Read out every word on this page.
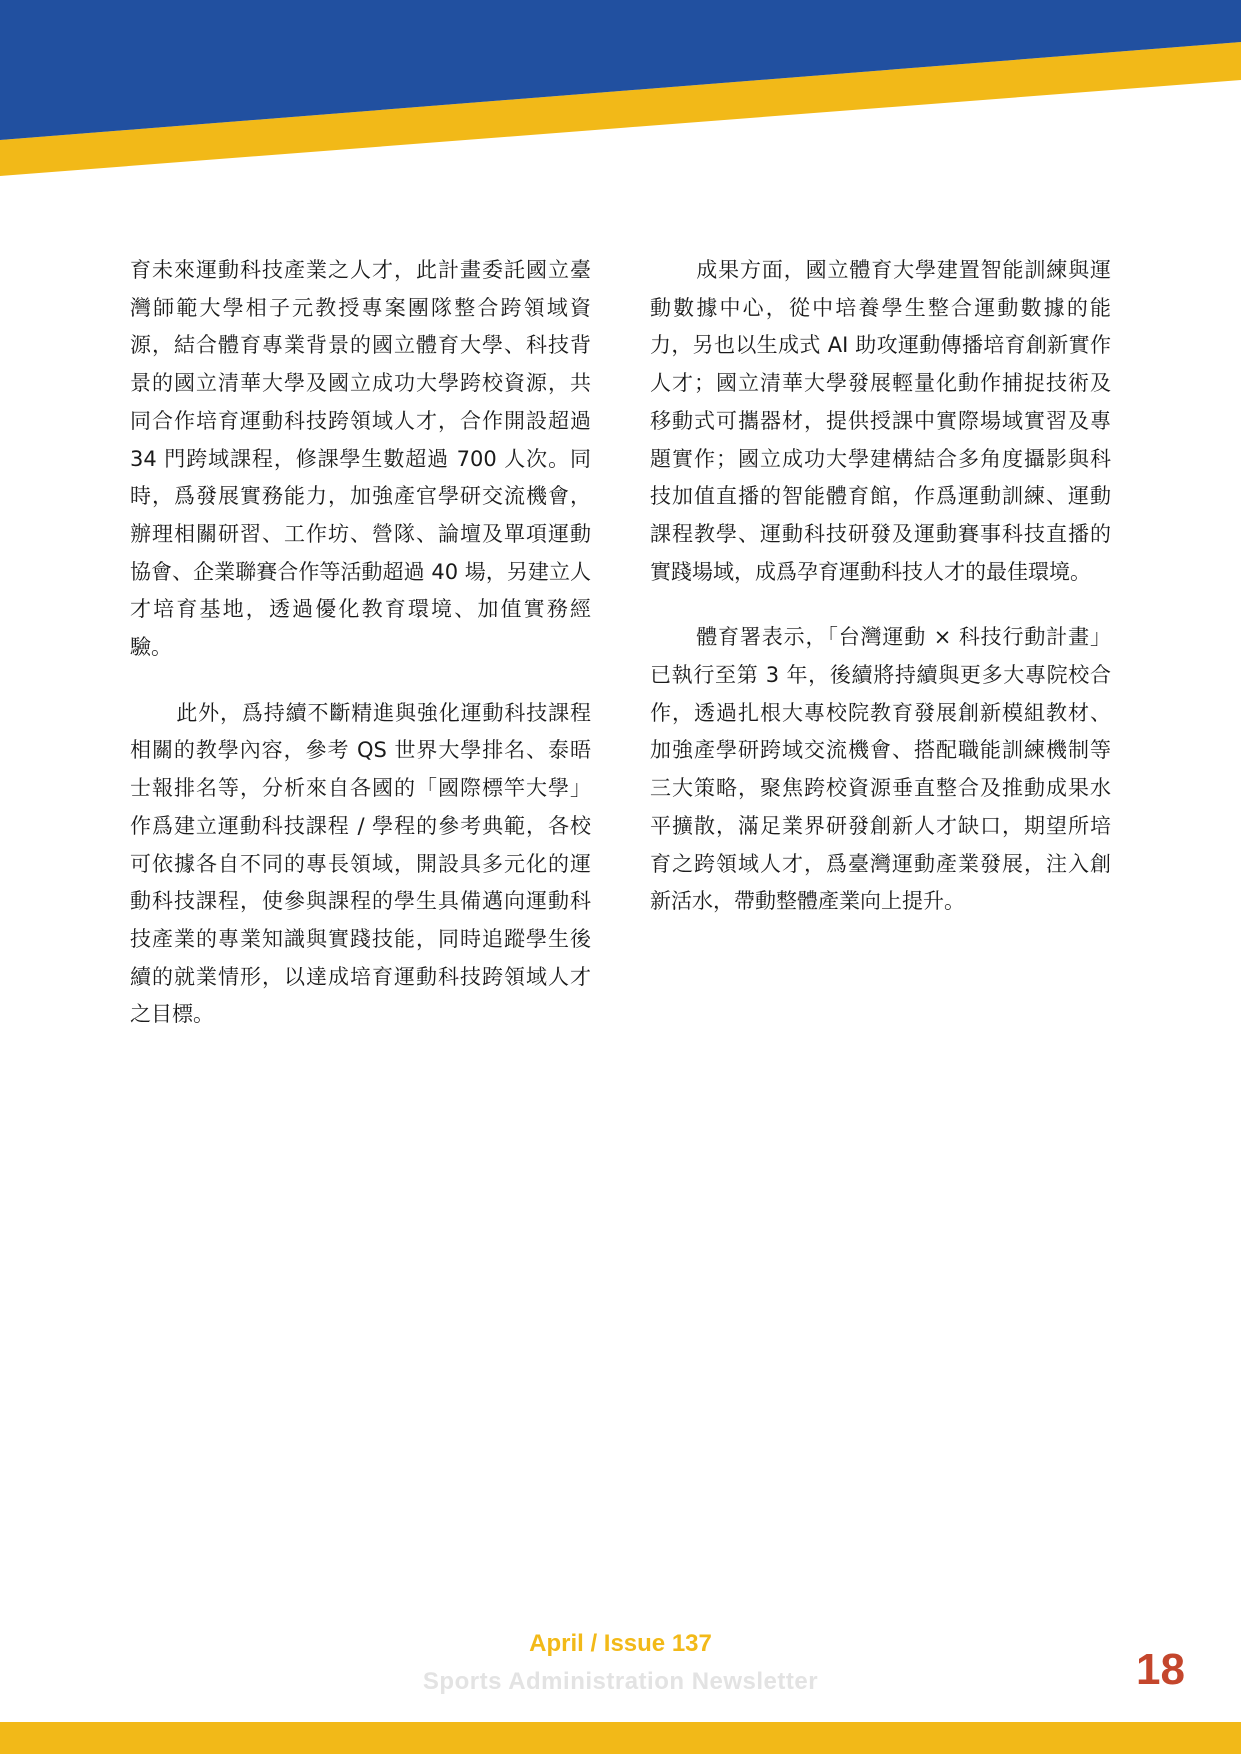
育未來運動科技產業之人才，此計畫委託國立臺灣師範大學相子元教授專案團隊整合跨領域資源，結合體育專業背景的國立體育大學、科技背景的國立清華大學及國立成功大學跨校資源，共同合作培育運動科技跨領域人才，合作開設超過 34 門跨域課程，修課學生數超過 700 人次。同時，爲發展實務能力，加強產官學研交流機會，辦理相關研習、工作坊、營隊、論壇及單項運動協會、企業聯賽合作等活動超過 40 場，另建立人才培育基地，透過優化教育環境、加值實務經驗。

此外，爲持續不斷精進與強化運動科技課程相關的教學內容，參考 QS 世界大學排名、泰晤士報排名等，分析來自各國的「國際標竿大學」作爲建立運動科技課程 / 學程的參考典範，各校可依據各自不同的專長領域，開設具多元化的運動科技課程，使參與課程的學生具備邁向運動科技產業的專業知識與實踐技能，同時追蹤學生後續的就業情形，以達成培育運動科技跨領域人才之目標。

成果方面，國立體育大學建置智能訓練與運動數據中心，從中培養學生整合運動數據的能力，另也以生成式 AI 助攻運動傳播培育創新實作人才；國立清華大學發展輕量化動作捕捉技術及移動式可攜器材，提供授課中實際場域實習及專題實作；國立成功大學建構結合多角度攝影與科技加值直播的智能體育館，作爲運動訓練、運動課程教學、運動科技研發及運動賽事科技直播的實踐場域，成爲孕育運動科技人才的最佳環境。

體育署表示，「台灣運動 × 科技行動計畫」已執行至第 3 年，後續將持續與更多大專院校合作，透過扎根大專校院教育發展創新模組教材、加強產學研跨域交流機會、搭配職能訓練機制等三大策略，聚焦跨校資源垂直整合及推動成果水平擴散，滿足業界研發創新人才缺口，期望所培育之跨領域人才，爲臺灣運動產業發展，注入創新活水，帶動整體產業向上提升。

April / Issue 137
Sports Administration Newsletter	18
